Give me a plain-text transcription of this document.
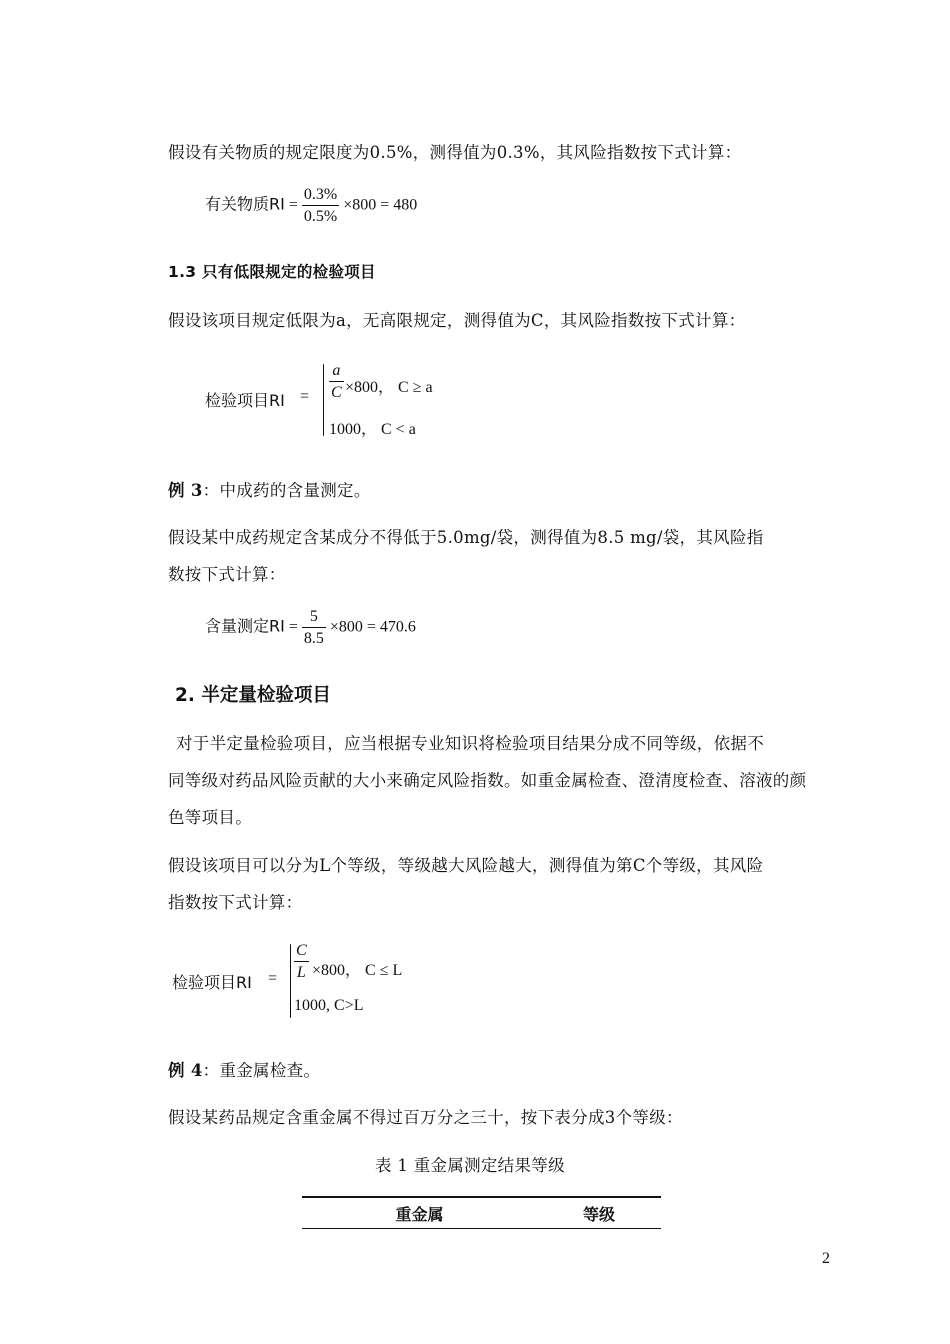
假设有关物质的规定限度为0.5%，测得值为0.3%，其风险指数按下式计算：
有关物质RI = $\frac{0.3\%}{0.5\%} \times 800 = 480$
1.3 只有低限规定的检验项目
假设该项目规定低限为a，无高限规定，测得值为C，其风险指数按下式计算：
检验项目RI = $\frac{a}{C} \times 800$， C ≥ a
1000， C < a
例 3：中成药的含量测定。
假设某中成药规定含某成分不得低于5.0mg/袋，测得值为8.5 mg/袋，其风险指
数按下式计算：
含量测定RI = $\frac{5}{8.5} \times 800 = 470.6$
2. 半定量检验项目
对于半定量检验项目，应当根据专业知识将检验项目结果分成不同等级，依据不
同等级对药品风险贡献的大小来确定风险指数。如重金属检查、澄清度检查、溶液的颜
色等项目。
假设该项目可以分为L个等级，等级越大风险越大，测得值为第C个等级，其风险
指数按下式计算：
检验项目RI = $\frac{C}{L} \times 800$， C ≤ L
1000, C>L
例 4：重金属检查。
假设某药品规定含重金属不得过百万分之三十，按下表分成3个等级：
表 1 重金属测定结果等级
重金属	等级
2
